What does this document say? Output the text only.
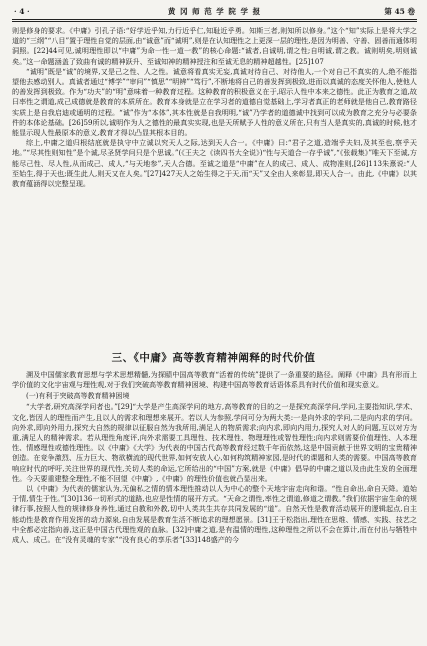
· 4 ·	黄 冈 师 范 学 院 学 报	第 45 卷

则是修身的要求。《中庸》引孔子语:“好学近乎知,力行近乎仁,知耻近乎勇。知斯三者,则知所以修身。”这个“知”实际上是将大学之道的“三纲”“八目”置于理性自觉的层面,由“诚意”而“诚明”,则是在认知理性之上更深一层的理性,是因为明善、守善、固善而通体明洞照。[22]44可见,诚明理性即以“中庸”为命一性一道一教”的核心命题:“诚者,自诚明,谓之性;自明诚,谓之教。诚则明矣,明则诚矣。”这一命题涵盖了致曲有诚的精神跃升、至诚知神的精神授注和至诚无息的精神超越性。[25]107

“诚明”既是“诚”的境界,又是己之性、人之性。诚意将看真实无妄,真诚对待自己、对待他人,一个对自己不真实的人,绝不能指望他去感动别人。真诚者通过“博学”“审问”“慎思”“明辨”“笃行”,不断地将自己的善发挥到极致,进而以真诚的态度关怀他人,使他人的善发挥到极致。作为“功夫”的“明”意味着一种教育过程。这种教育的积极意义在于,昭示人性中本来之德性。此正为教育之道,故曰率性之谓道,成己成德就是教育的本质所在。教育本身就是立在学习者的道德自觉基础上,学习者真正的老师就是他自己,教育路径实质上是自我启迪或通明的过程。“诚”作为“本体”,其本性就是自我明明,“诚”乃学者的道德诚中找到可以成为教育之充分与必要条件的本体论基础。[26]59所以,诚明作为人之德性的最真实实现,也是天所赋予人性的意义所在,只有当人是真实的,真诚的时候,他才能显示现人性最原本的意义,教育才得以凸显其根本目的。

综上,中庸之道归根结底就是执守中立诚以究天人之际,达到天人合一。《中庸》曰:“君子之道,造端乎夫妇,及其至也,察乎天地。”“尽其性则知性”是个诚,尽圣贤学问只是个思诚。”(《王夫之《读四书大全说》)“性与天道合一存乎诚”,“《张载集》”唯天下至诚,方能尽己性、尽人性,从而成己、成人,“与天地参”,天人合德。至诚之道是“中庸”在人的成己、成人、成物准则,[26]113朱熹说:“人至始生,得于天也;既生此人,则天又在人矣。”[27]427天人之始生得之于天,而“天”又全由人来彰显,即天人合一。由此,《中庸》以其教育蕴涵得以完整呈现。

三、《中庸》高等教育精神阐释的时代价值

溯及中国儒家教育思想与学术思想精髓,为探赜中国高等教育“活着的传统”提供了一条重要的路径。阐释《中庸》具有形而上学价值的文化宇宙观与理性观,对于我们突破高等教育精神困境、构建中国高等教育话语体系具有时代价值和现实意义。

(一)有利于突破高等教育精神困境

“大学者,研究高深学问者也。”[29]“大学是产生高深学问的地方,高等教育的目的之一是探究高深学问,学问,主要指知识,学术、文化,皆因人的理性而产生,且以人的需求和理想来展开。若以人为参照,学问可分为两大类:一是向外求的学问,二是向内求的学问。向外求,即向外用力,探究大自然的规律以征服自然为我所用,满足人的物质需求;向内求,即向内用力,探究人对人的问题,互以对方为重,满足人的精神需求。若从理性角度评,向外求需要工具理性、技术理性、物理理性或智性理性;向内求则需要价值理性、人本理性、情感理性或德性理性。以《中庸》《大学》为代表的中国古代高等教育经过数千年而依然,这是中国贡献于世界文明的宝贵精神创造。在竞争激烈、压力巨大、物欲横流的现代世界,如何安放人心,如何构筑精神家园,是时代的课题和人类的需要。中国高等教育响应时代的呼吁,关注世界的现代性,关切人类的命运,它所给出的“中国”方案,就是《中庸》倡导的中庸之道以及由此生发的全面理性。今天要重建整全理性,不能不回望《中庸》,《中庸》的理性价值也就凸显出来。

以《中庸》为代表的儒家认为,无偏私之情的情本理性推动以人为中心的整个天地宇宙走向和谐。“性自命出,命自天降。道始于情,情生于性。”[30]136一切形式的道路,也应是性情的展开方式。“天命之谓性,率性之谓道,修道之谓教。”我们依据宇宙生命的规律行事,按照人性的规律修身养性,通过自教和外教,切中人类共生共存共同发展的“道”。自然天性是教育活动展开的逻辑起点,自主能动性是教育作用发挥的动力源泉,自由发展是教育生活不断追求的理想愿景。[31]王于松指出,理性在思维、情感、实践、技艺之中全都必定指向善,这正是中国古代理性观的血脉。[32]中庸之道,是有温情的理性,这种理性之所以不会在算计,而在付出与牺牲中成人、成己。在“没有灵魂的专家”“没有良心的享乐者”[33]148盛产的今
